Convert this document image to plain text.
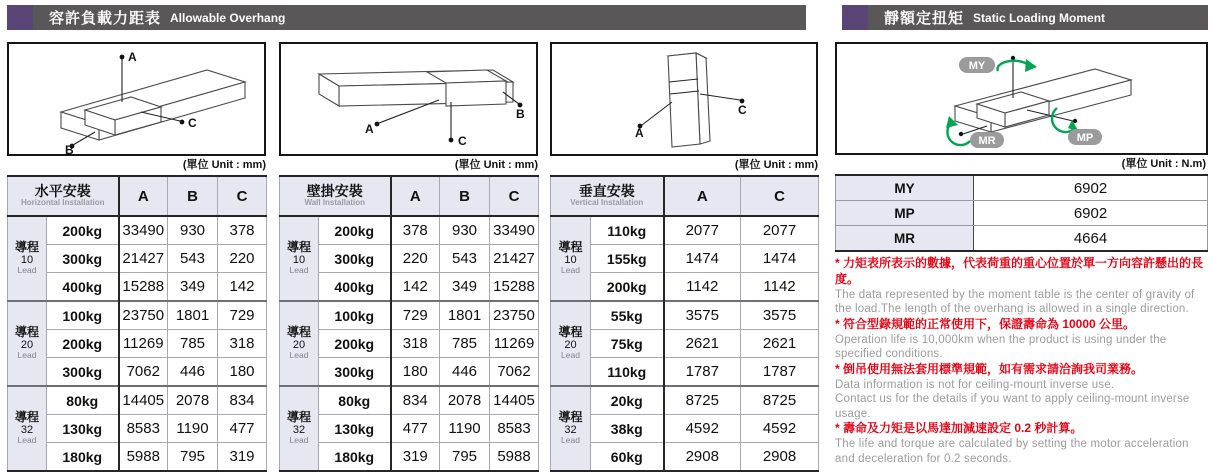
容許負載力距表 Allowable Overhang
A
B
C	A
B
C
A
C
(單位 Unit : mm)	(單位 Unit : mm)	(單位 Unit : mm)
水平安裝
Horizontal Installation		A	B	C

導程
10
Lead	200kg	33490	930	378
	300kg	21427	543	220
	400kg	15288	349	142

導程
20
Lead	100kg	23750	1801	729
	200kg	11269	785	318
	300kg	7062	446	180

導程
32
Lead	80kg	14405	2078	834
	130kg	8583	1190	477
	180kg	5988	795	319
壁掛安裝
Wall Installation		A	B	C

導程
10
Lead	200kg	378	930	33490
	300kg	220	543	21427
	400kg	142	349	15288

導程
20
Lead	100kg	729	1801	23750
	200kg	318	785	11269
	300kg	180	446	7062

導程
32
Lead	80kg	834	2078	14405
	130kg	477	1190	8583
	180kg	319	795	5988
垂直安裝
Vertical Installation		A	C

導程
10
Lead	110kg	2077	2077
	155kg	1474	1474
	200kg	1142	1142

導程
20
Lead	55kg	3575	3575
	75kg	2621	2621
	110kg	1787	1787

導程
32
Lead	20kg	8725	8725
	38kg	4592	4592
	60kg	2908	2908
靜額定扭矩 Static Loading Moment
MY
MP
MR
(單位 Unit : N.m)
MY	6902
MP	6902
MR	4664
* 力矩表所表示的數據，代表荷重的重心位置於單一方向容許懸出的長度。
The data represented by the moment table is the center of gravity of the load.The length of the overhang is allowed in a single direction.
* 符合型錄規範的正常使用下，保證壽命為 10000 公里。
Operation life is 10,000km when the product is using under the specified conditions.
* 倒吊使用無法套用標準規範，如有需求請洽詢我司業務。
Data information is not for ceiling-mount inverse use.
Contact us for the details if you want to apply ceiling-mount inverse usage.
* 壽命及力矩是以馬達加減速設定 0.2 秒計算。
The life and torque are calculated by setting the motor acceleration and deceleration for 0.2 seconds.
